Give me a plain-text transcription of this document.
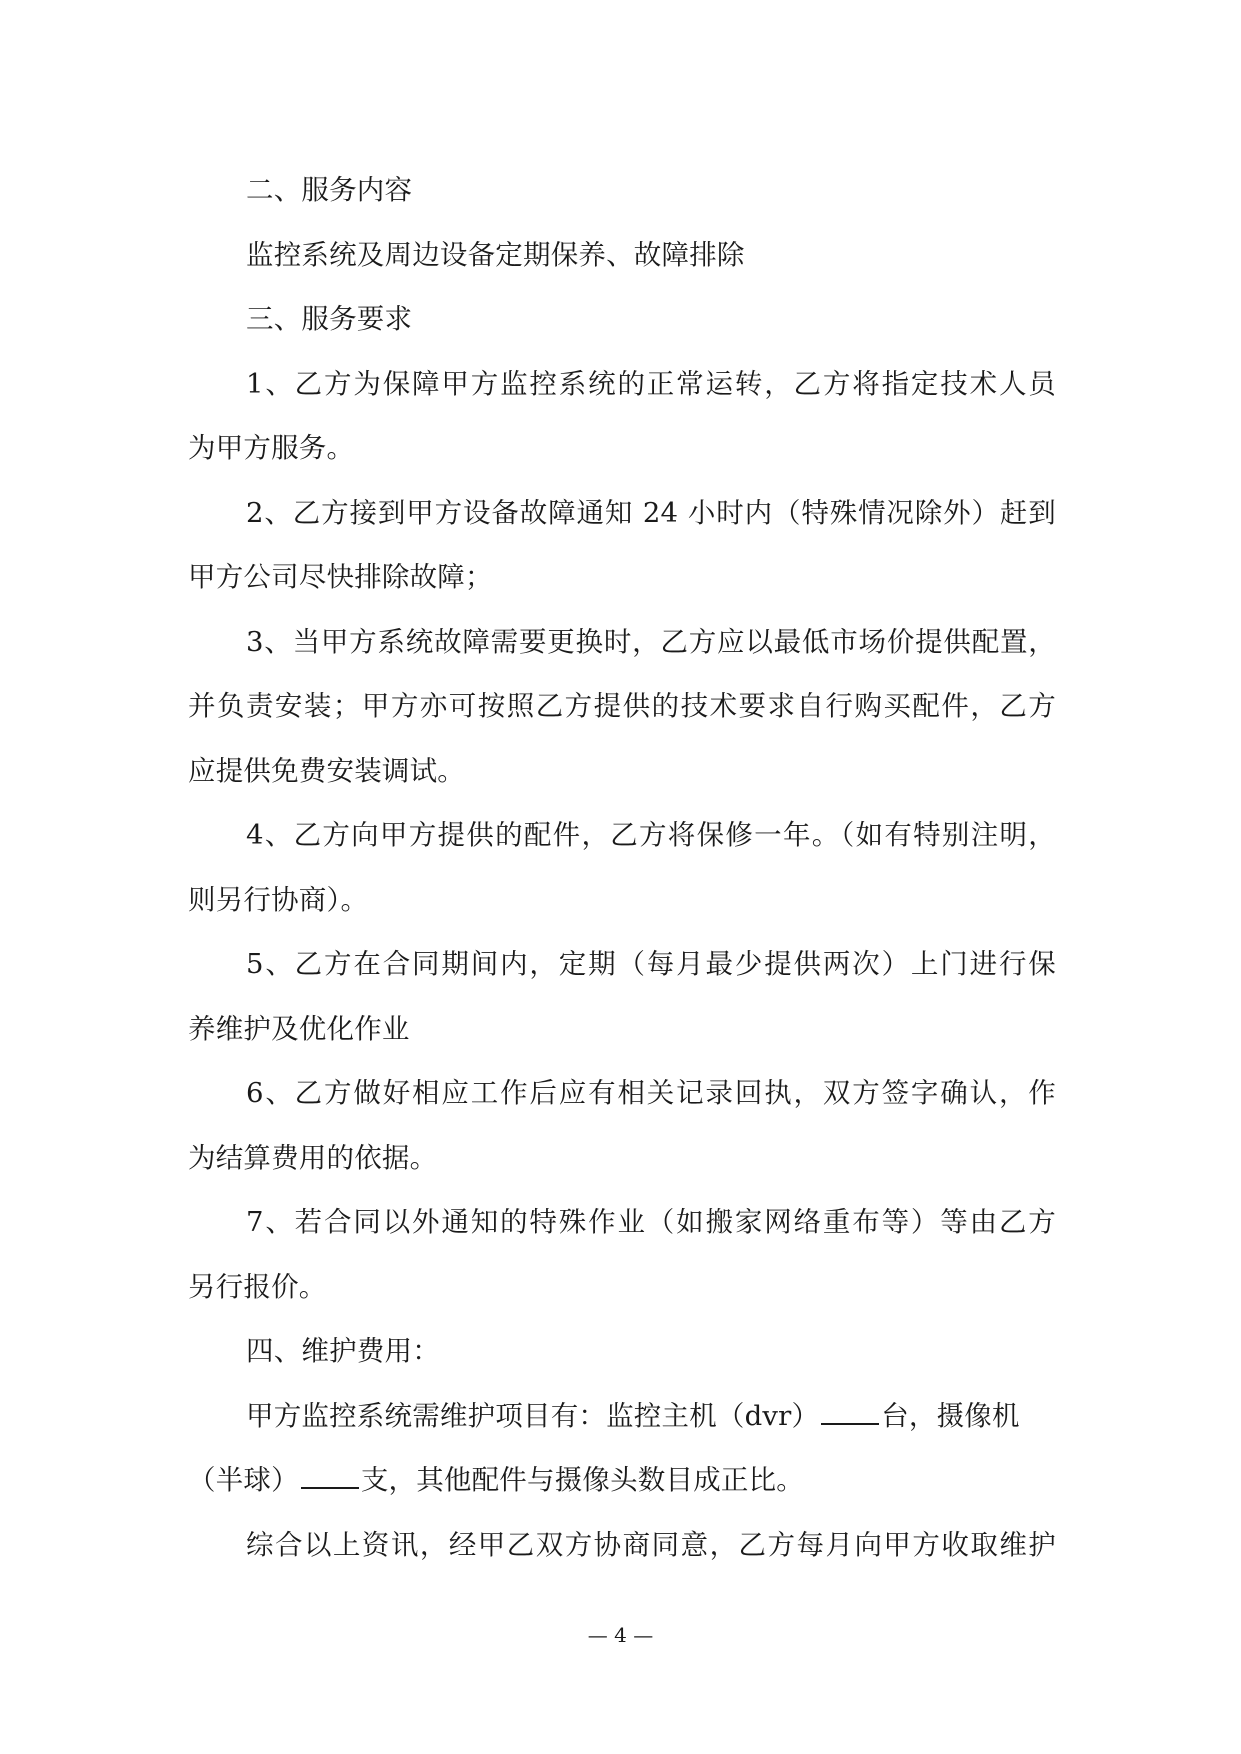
二、服务内容
监控系统及周边设备定期保养、故障排除
三、服务要求
1、乙方为保障甲方监控系统的正常运转，乙方将指定技术人员
为甲方服务。
2、乙方接到甲方设备故障通知 24 小时内（特殊情况除外）赶到
甲方公司尽快排除故障；
3、当甲方系统故障需要更换时，乙方应以最低市场价提供配置，
并负责安装；甲方亦可按照乙方提供的技术要求自行购买配件，乙方
应提供免费安装调试。
4、乙方向甲方提供的配件，乙方将保修一年。（如有特别注明，
则另行协商）。
5、乙方在合同期间内，定期（每月最少提供两次）上门进行保
养维护及优化作业
6、乙方做好相应工作后应有相关记录回执，双方签字确认，作
为结算费用的依据。
7、若合同以外通知的特殊作业（如搬家网络重布等）等由乙方
另行报价。
四、维护费用：
甲方监控系统需维护项目有：监控主机（dvr） 台，摄像机
（半球） 支，其他配件与摄像头数目成正比。
综合以上资讯，经甲乙双方协商同意，乙方每月向甲方收取维护
— 4 —
